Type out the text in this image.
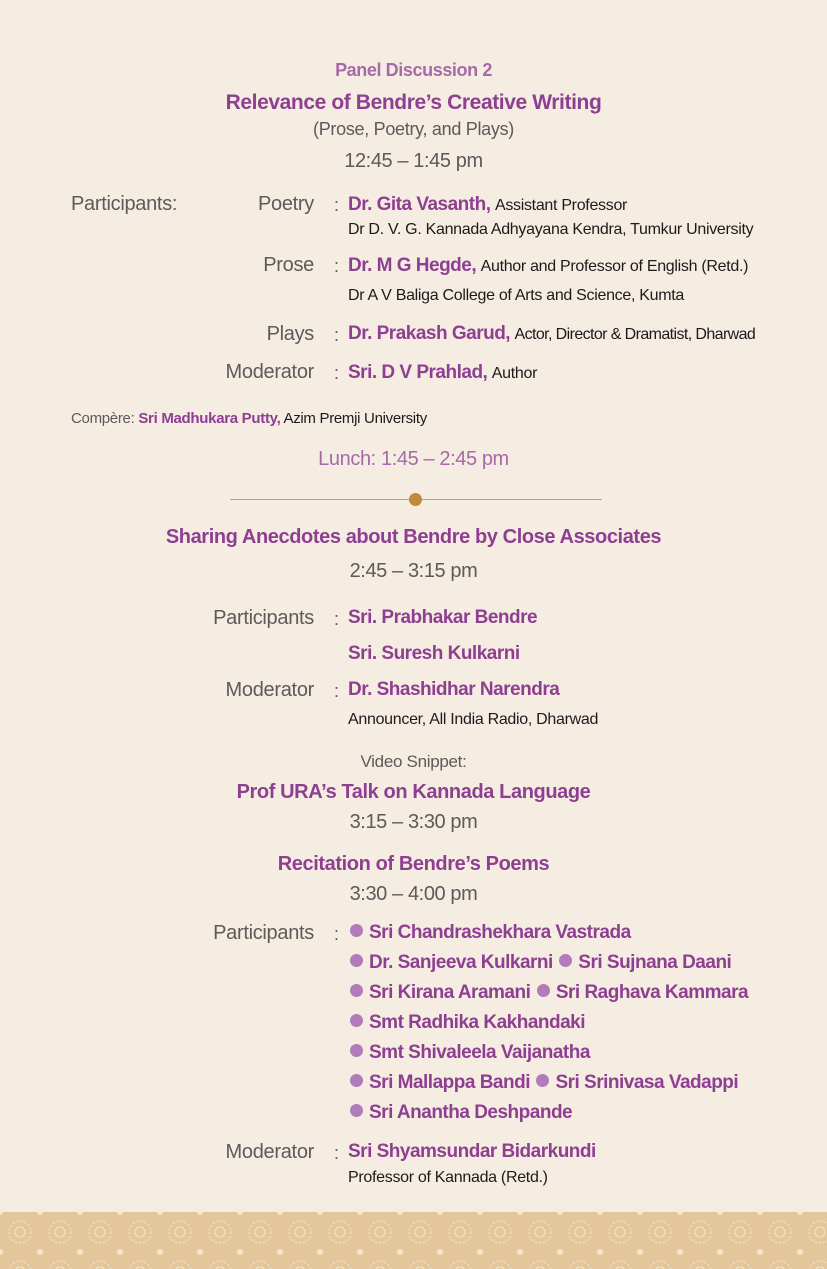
Panel Discussion 2
Relevance of Bendre’s Creative Writing
(Prose, Poetry, and Plays)
12:45 – 1:45 pm
Participants:	Poetry : Dr. Gita Vasanth, Assistant Professor
Dr D. V. G. Kannada Adhyayana Kendra, Tumkur University
Prose : Dr. M G Hegde, Author and Professor of English (Retd.)
Dr A V Baliga College of Arts and Science, Kumta
Plays : Dr. Prakash Garud, Actor, Director & Dramatist, Dharwad
Moderator : Sri. D V Prahlad, Author
Compère: Sri Madhukara Putty, Azim Premji University
Lunch: 1:45 – 2:45 pm
Sharing Anecdotes about Bendre by Close Associates
2:45 – 3:15 pm
Participants : Sri. Prabhakar Bendre
Sri. Suresh Kulkarni
Moderator : Dr. Shashidhar Narendra
Announcer, All India Radio, Dharwad
Video Snippet:
Prof URA’s Talk on Kannada Language
3:15 – 3:30 pm
Recitation of Bendre’s Poems
3:30 – 4:00 pm
Participants :	Sri Chandrashekhara Vastrada
Dr. Sanjeeva Kulkarni Sri Sujnana Daani
Sri Kirana Aramani Sri Raghava Kammara
Smt Radhika Kakhandaki
Smt Shivaleela Vaijanatha
Sri Mallappa Bandi Sri Srinivasa Vadappi
Sri Anantha Deshpande
Moderator : Sri Shyamsundar Bidarkundi
Professor of Kannada (Retd.)
